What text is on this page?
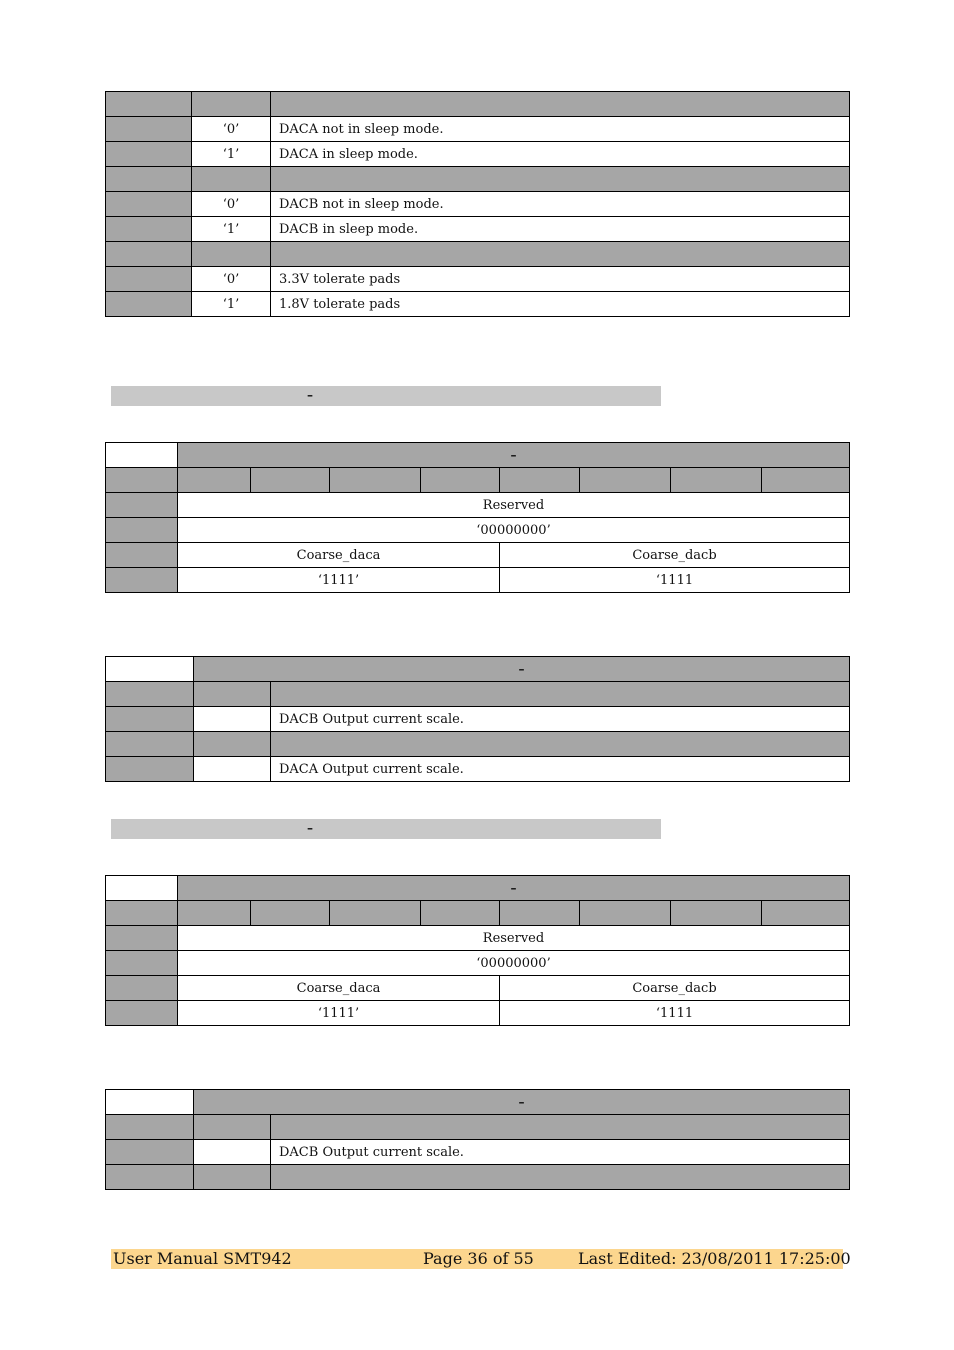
	‘0’	DACA not in sleep mode.
	‘1’	DACA in sleep mode.

	‘0’	DACB not in sleep mode.
	‘1’	DACB in sleep mode.

	‘0’	3.3V tolerate pads
	‘1’	1.8V tolerate pads
–
	–							

	Reserved							
	‘00000000’							
	Coarse_daca				Coarse_dacb			
	‘1111’				‘1111			
	–	

		DACB Output current scale.

		DACA Output current scale.
–
	–							

	Reserved							
	‘00000000’							
	Coarse_daca				Coarse_dacb			
	‘1111’				‘1111			
	–	

		DACB Output current scale.

User Manual SMT942	Page 36 of 55	Last Edited: 23/08/2011 17:25:00
